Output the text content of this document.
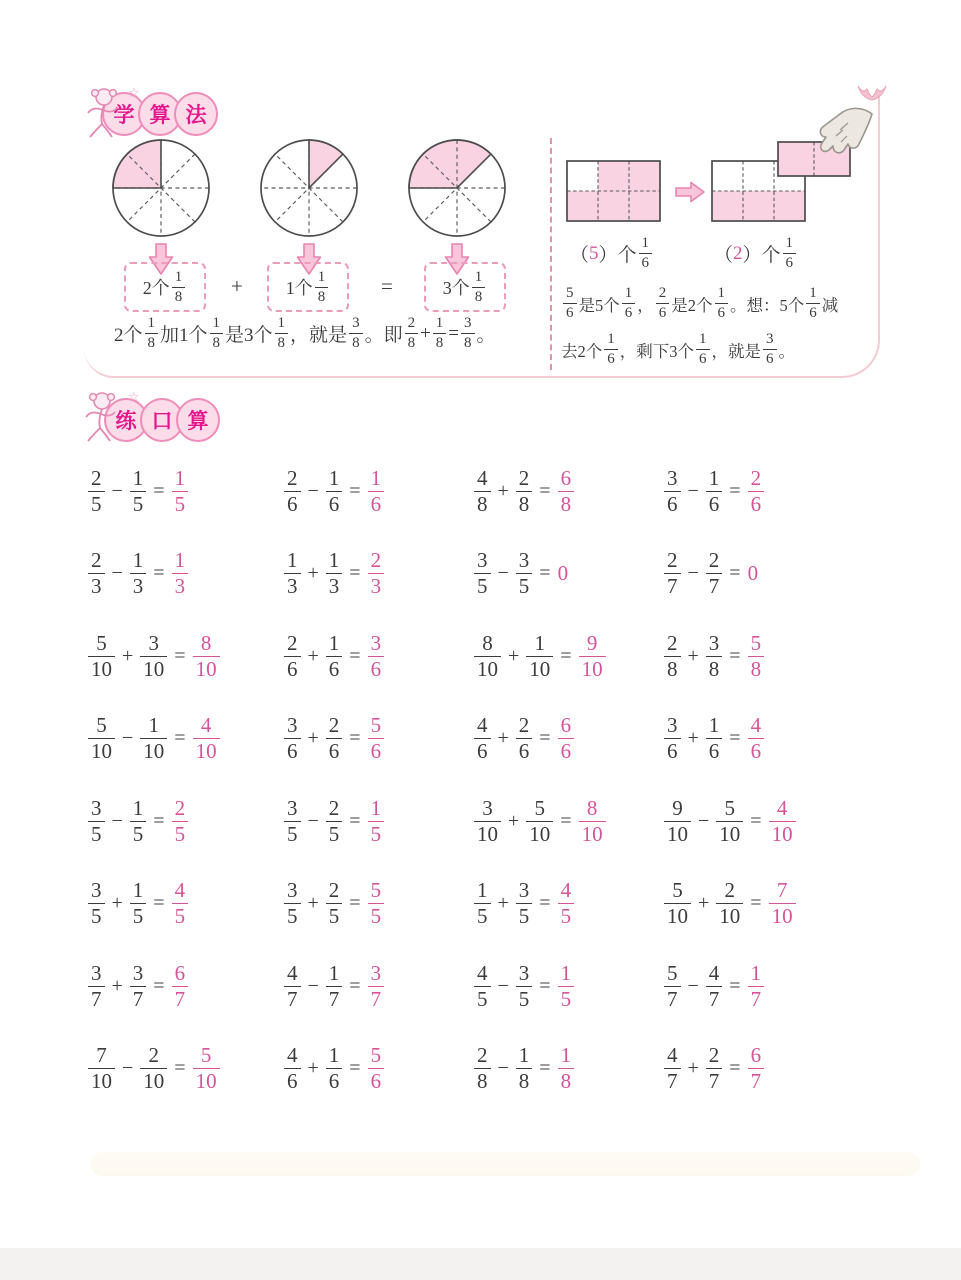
2个 $\frac{1}{8} + 1$个 $\frac{1}{8}$	=	3个 $\frac{1}{8}$
2个 $\frac{1}{8}$ 加1个 $\frac{1}{8}$ 是3个 $\frac{1}{8}$ ，就是 $\frac{3}{8}$ 。即 $\frac{2}{8} + \frac{1}{8} = \frac{3}{8}$ 。
（ 5 ）个 $\frac{1}{6}$	（ 2 ）个 $\frac{1}{6}$
$\frac{5}{6}$ 是5个 $\frac{1}{6}$ ， $\frac{2}{6}$ 是2个 $\frac{1}{6}$ 。想：5个 $\frac{1}{6}$ 减
去2个 $\frac{1}{6}$ ，剩下3个 $\frac{1}{6}$ ，就是 $\frac{3}{6}$ 。
☆
学 算 法
☆
练 口 算
$\frac{2}{5} - \frac{1}{5} = \frac{1}{5}$	$\frac{2}{6} - \frac{1}{6} = \frac{1}{6}$	$\frac{4}{8} + \frac{2}{8} = \frac{6}{8}$	$\frac{3}{6} - \frac{1}{6} = \frac{2}{6}$
$\frac{2}{3} - \frac{1}{3} = \frac{1}{3}$	$\frac{1}{3} + \frac{1}{3} = \frac{2}{3}$	$\frac{3}{5} - \frac{3}{5} = 0$	$\frac{2}{7} - \frac{2}{7} = 0$
$\frac{5}{10} + \frac{3}{10} = \frac{8}{10}$	$\frac{2}{6} + \frac{1}{6} = \frac{3}{6}$	$\frac{8}{10} + \frac{1}{10} = \frac{9}{10}$	$\frac{2}{8} + \frac{3}{8} = \frac{5}{8}$
$\frac{5}{10} - \frac{1}{10} = \frac{4}{10}$	$\frac{3}{6} + \frac{2}{6} = \frac{5}{6}$	$\frac{4}{6} + \frac{2}{6} = \frac{6}{6}$	$\frac{3}{6} + \frac{1}{6} = \frac{4}{6}$
$\frac{3}{5} - \frac{1}{5} = \frac{2}{5}$	$\frac{3}{5} - \frac{2}{5} = \frac{1}{5}$	$\frac{3}{10} + \frac{5}{10} = \frac{8}{10}$	$\frac{9}{10} - \frac{5}{10} = \frac{4}{10}$
$\frac{3}{5} + \frac{1}{5} = \frac{4}{5}$	$\frac{3}{5} + \frac{2}{5} = \frac{5}{5}$	$\frac{1}{5} + \frac{3}{5} = \frac{4}{5}$	$\frac{5}{10} + \frac{2}{10} = \frac{7}{10}$
$\frac{3}{7} + \frac{3}{7} = \frac{6}{7}$	$\frac{4}{7} - \frac{1}{7} = \frac{3}{7}$	$\frac{4}{5} - \frac{3}{5} = \frac{1}{5}$	$\frac{5}{7} - \frac{4}{7} = \frac{1}{7}$
$\frac{7}{10} - \frac{2}{10} = \frac{5}{10}$	$\frac{4}{6} + \frac{1}{6} = \frac{5}{6}$	$\frac{2}{8} - \frac{1}{8} = \frac{1}{8}$	$\frac{4}{7} + \frac{2}{7} = \frac{6}{7}$
